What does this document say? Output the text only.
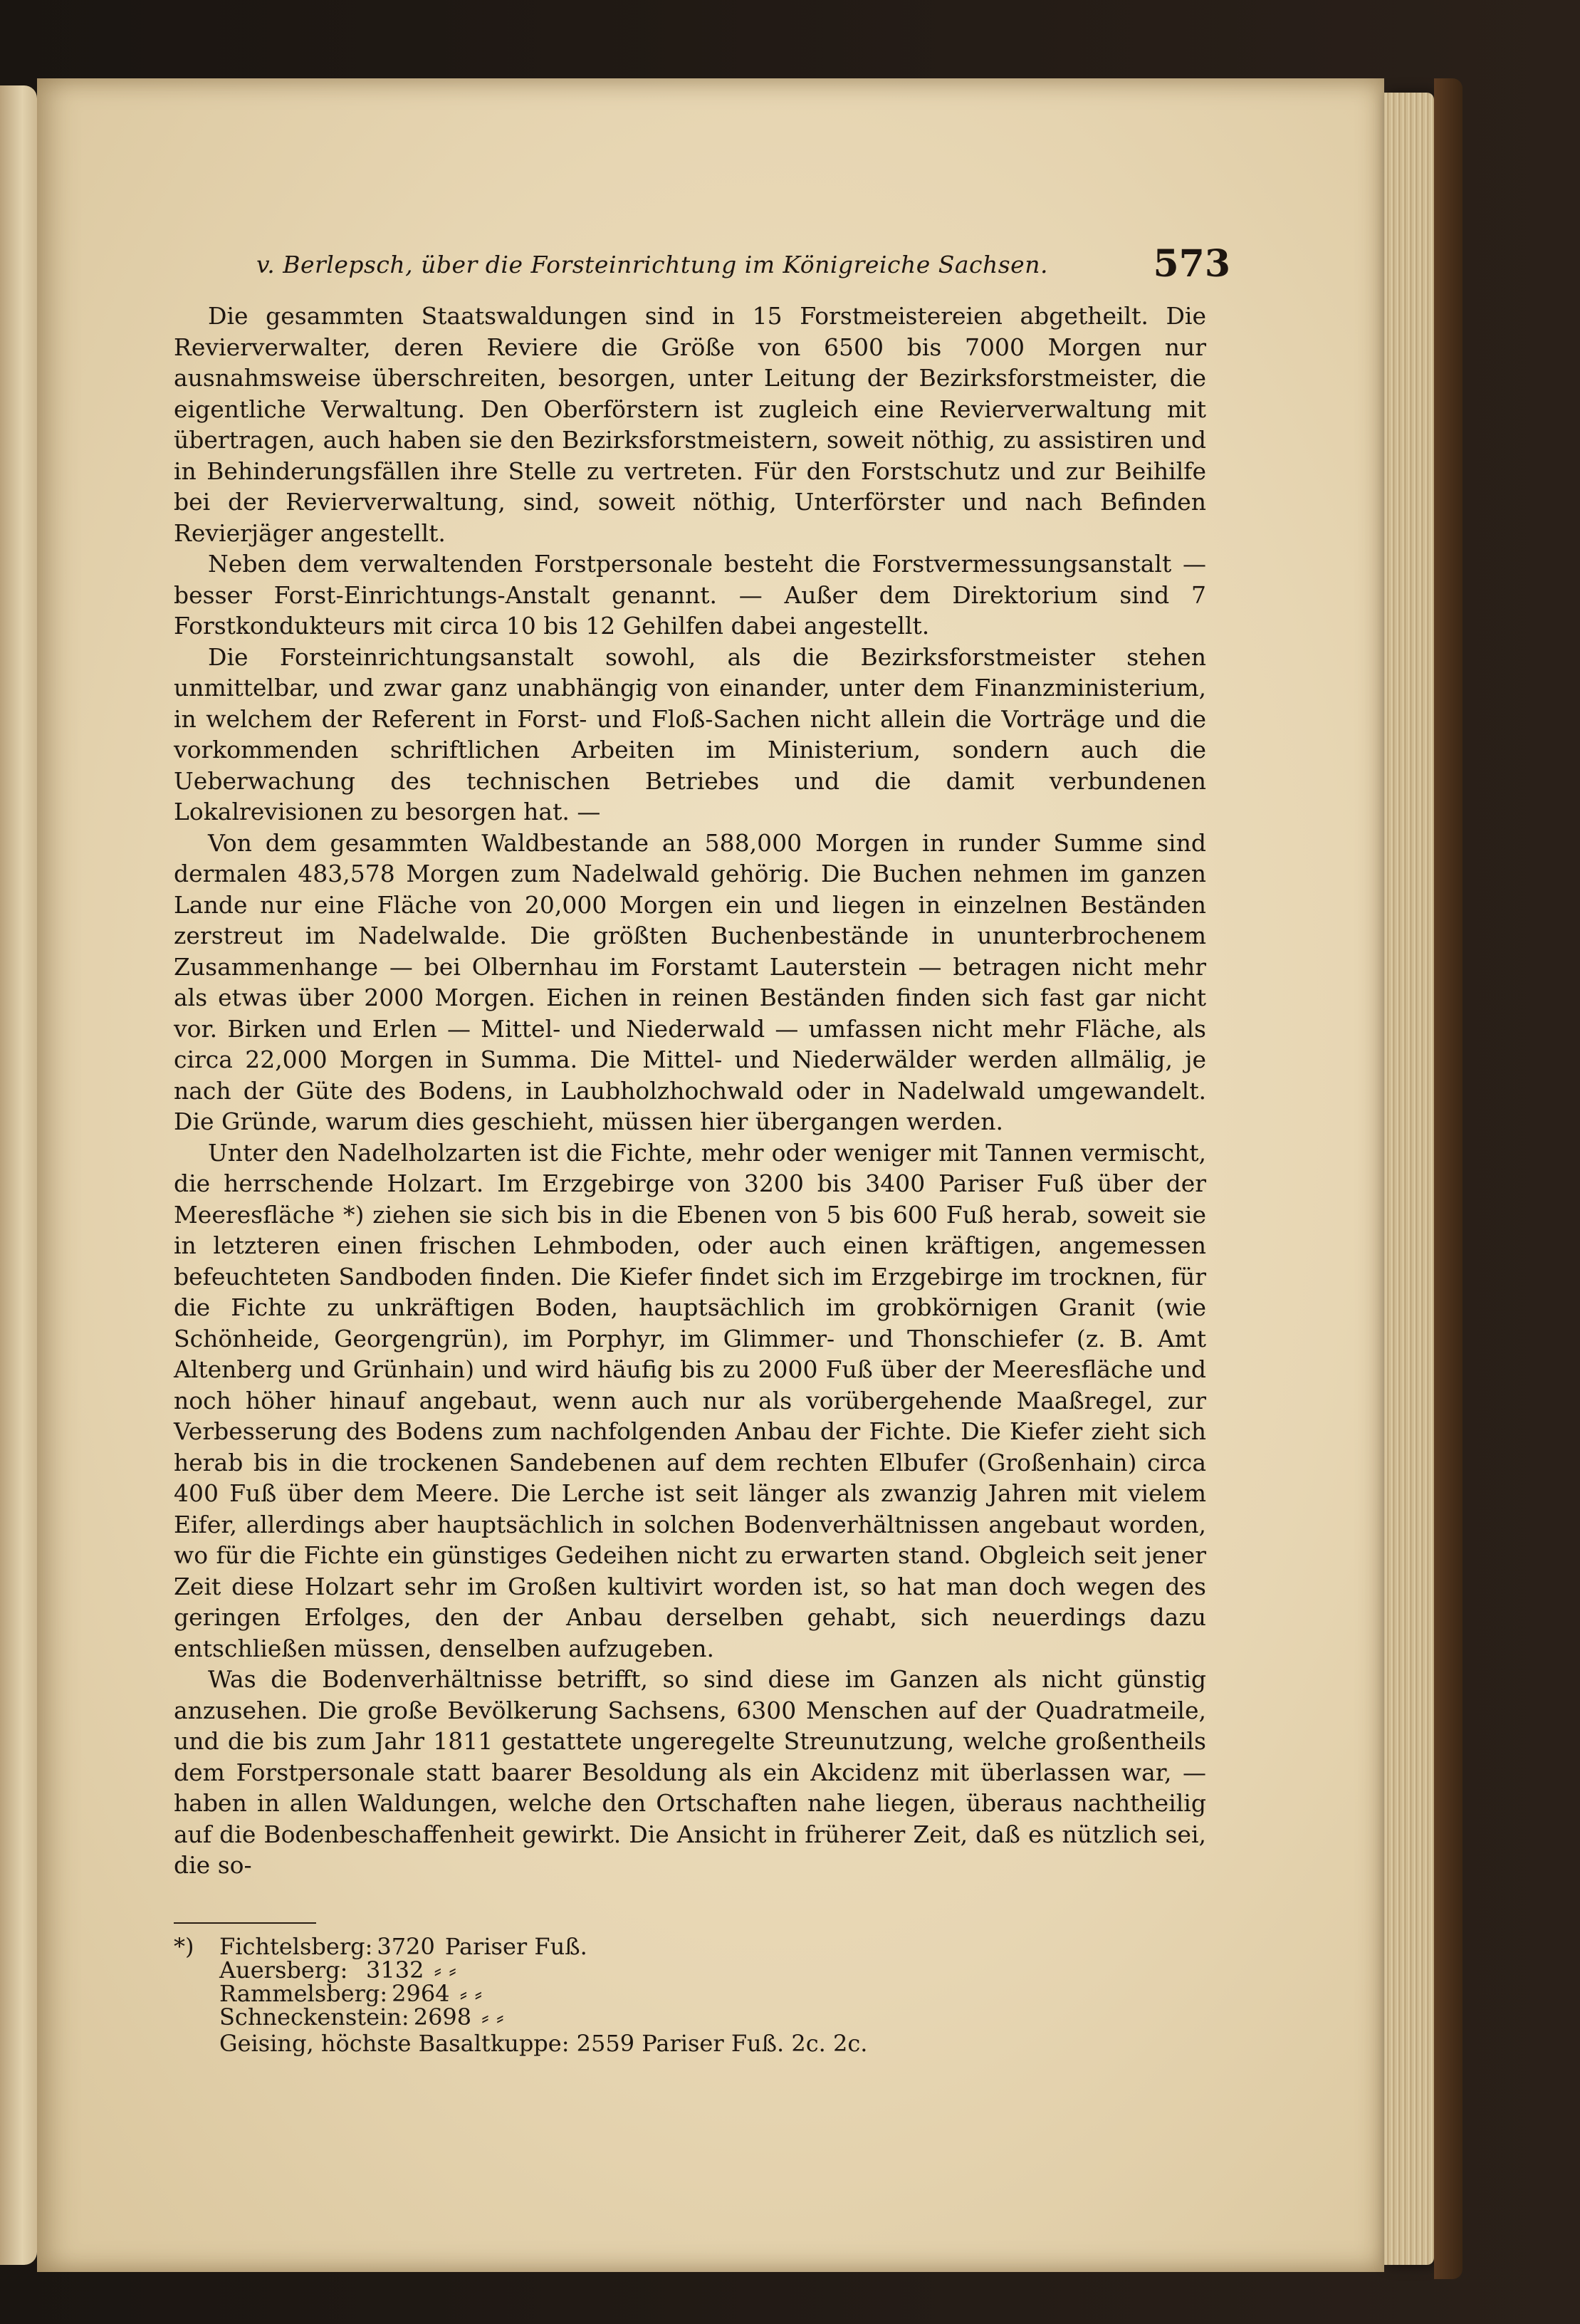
v. Berlepsch, über die Forsteinrichtung im Königreiche Sachsen.	573

Die gesammten Staatswaldungen sind in 15 Forstmeistereien abgetheilt. Die Revierverwalter, deren Reviere die Größe von 6500 bis 7000 Morgen nur ausnahmsweise überschreiten, besorgen, unter Leitung der Bezirksforstmeister, die eigentliche Verwaltung. Den Oberförstern ist zugleich eine Revierverwaltung mit übertragen, auch haben sie den Bezirksforstmeistern, soweit nöthig, zu assistiren und in Behinderungsfällen ihre Stelle zu vertreten. Für den Forstschutz und zur Beihilfe bei der Revierverwaltung, sind, soweit nöthig, Unterförster und nach Befinden Revierjäger angestellt.

Neben dem verwaltenden Forstpersonale besteht die Forstvermessungsanstalt — besser Forst-Einrichtungs-Anstalt genannt. — Außer dem Direktorium sind 7 Forstkondukteurs mit circa 10 bis 12 Gehilfen dabei angestellt.

Die Forsteinrichtungsanstalt sowohl, als die Bezirksforstmeister stehen unmittelbar, und zwar ganz unabhängig von einander, unter dem Finanzministerium, in welchem der Referent in Forst- und Floß-Sachen nicht allein die Vorträge und die vorkommenden schriftlichen Arbeiten im Ministerium, sondern auch die Ueberwachung des technischen Betriebes und die damit verbundenen Lokalrevisionen zu besorgen hat. —

Von dem gesammten Waldbestande an 588,000 Morgen in runder Summe sind dermalen 483,578 Morgen zum Nadelwald gehörig. Die Buchen nehmen im ganzen Lande nur eine Fläche von 20,000 Morgen ein und liegen in einzelnen Beständen zerstreut im Nadelwalde. Die größten Buchenbestände in ununterbrochenem Zusammenhange — bei Olbernhau im Forstamt Lauterstein — betragen nicht mehr als etwas über 2000 Morgen. Eichen in reinen Beständen finden sich fast gar nicht vor. Birken und Erlen — Mittel- und Niederwald — umfassen nicht mehr Fläche, als circa 22,000 Morgen in Summa. Die Mittel- und Niederwälder werden allmälig, je nach der Güte des Bodens, in Laubholzhochwald oder in Nadelwald umgewandelt. Die Gründe, warum dies geschieht, müssen hier übergangen werden.

Unter den Nadelholzarten ist die Fichte, mehr oder weniger mit Tannen vermischt, die herrschende Holzart. Im Erzgebirge von 3200 bis 3400 Pariser Fuß über der Meeresfläche *) ziehen sie sich bis in die Ebenen von 5 bis 600 Fuß herab, soweit sie in letzteren einen frischen Lehmboden, oder auch einen kräftigen, angemessen befeuchteten Sandboden finden. Die Kiefer findet sich im Erzgebirge im trocknen, für die Fichte zu unkräftigen Boden, hauptsächlich im grobkörnigen Granit (wie Schönheide, Georgengrün), im Porphyr, im Glimmer- und Thonschiefer (z. B. Amt Altenberg und Grünhain) und wird häufig bis zu 2000 Fuß über der Meeresfläche und noch höher hinauf angebaut, wenn auch nur als vorübergehende Maaßregel, zur Verbesserung des Bodens zum nachfolgenden Anbau der Fichte. Die Kiefer zieht sich herab bis in die trockenen Sandebenen auf dem rechten Elbufer (Großenhain) circa 400 Fuß über dem Meere. Die Lerche ist seit länger als zwanzig Jahren mit vielem Eifer, allerdings aber hauptsächlich in solchen Bodenverhältnissen angebaut worden, wo für die Fichte ein günstiges Gedeihen nicht zu erwarten stand. Obgleich seit jener Zeit diese Holzart sehr im Großen kultivirt worden ist, so hat man doch wegen des geringen Erfolges, den der Anbau derselben gehabt, sich neuerdings dazu entschließen müssen, denselben aufzugeben.

Was die Bodenverhältnisse betrifft, so sind diese im Ganzen als nicht günstig anzusehen. Die große Bevölkerung Sachsens, 6300 Menschen auf der Quadratmeile, und die bis zum Jahr 1811 gestattete ungeregelte Streunutzung, welche großentheils dem Forstpersonale statt baarer Besoldung als ein Akcidenz mit überlassen war, — haben in allen Waldungen, welche den Ortschaften nahe liegen, überaus nachtheilig auf die Bodenbeschaffenheit gewirkt. Die Ansicht in früherer Zeit, daß es nützlich sei, die so-

*)	Fichtelsberg: 3720 Pariser Fuß.
Auersberg: 3132 ⸗ ⸗
Rammelsberg: 2964 ⸗ ⸗
Schneckenstein: 2698 ⸗ ⸗
Geising, höchste Basaltkuppe: 2559 Pariser Fuß. 2c. 2c.
